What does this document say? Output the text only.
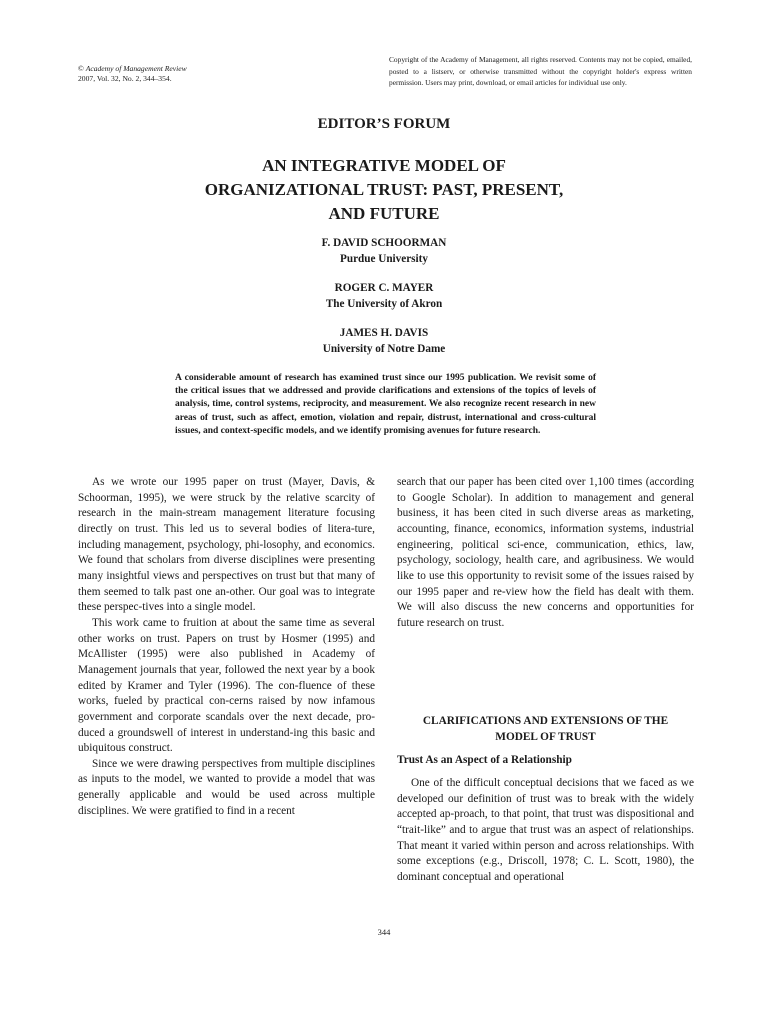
© Academy of Management Review
2007, Vol. 32, No. 2, 344–354.
Copyright of the Academy of Management, all rights reserved. Contents may not be copied, emailed, posted to a listserv, or otherwise transmitted without the copyright holder's express written permission. Users may print, download, or email articles for individual use only.
EDITOR’S FORUM
AN INTEGRATIVE MODEL OF
ORGANIZATIONAL TRUST: PAST, PRESENT,
AND FUTURE
F. DAVID SCHOORMAN
Purdue University
ROGER C. MAYER
The University of Akron
JAMES H. DAVIS
University of Notre Dame
A considerable amount of research has examined trust since our 1995 publication. We revisit some of the critical issues that we addressed and provide clarifications and extensions of the topics of levels of analysis, time, control systems, reciprocity, and measurement. We also recognize recent research in new areas of trust, such as affect, emotion, violation and repair, distrust, international and cross-cultural issues, and context-specific models, and we identify promising avenues for future research.

As we wrote our 1995 paper on trust (Mayer, Davis, & Schoorman, 1995), we were struck by the relative scarcity of research in the main-stream management literature focusing directly on trust. This led us to several bodies of litera-ture, including management, psychology, phi-losophy, and economics. We found that scholars from diverse disciplines were presenting many insightful views and perspectives on trust but that many of them seemed to talk past one an-other. Our goal was to integrate these perspec-tives into a single model.

This work came to fruition at about the same time as several other works on trust. Papers on trust by Hosmer (1995) and McAllister (1995) were also published in Academy of Management journals that year, followed the next year by a book edited by Kramer and Tyler (1996). The con-fluence of these works, fueled by practical con-cerns raised by now infamous government and corporate scandals over the next decade, pro-duced a groundswell of interest in understand-ing this basic and ubiquitous construct.

Since we were drawing perspectives from multiple disciplines as inputs to the model, we wanted to provide a model that was generally applicable and would be used across multiple disciplines. We were gratified to find in a recent

search that our paper has been cited over 1,100 times (according to Google Scholar). In addition to management and general business, it has been cited in such diverse areas as marketing, accounting, finance, economics, information systems, industrial engineering, political sci-ence, communication, ethics, law, psychology, sociology, health care, and agribusiness. We would like to use this opportunity to revisit some of the issues raised by our 1995 paper and re-view how the field has dealt with them. We will also discuss the new concerns and opportunities for future research on trust.

CLARIFICATIONS AND EXTENSIONS OF THE
MODEL OF TRUST
Trust As an Aspect of a Relationship

One of the difficult conceptual decisions that we faced as we developed our definition of trust was to break with the widely accepted ap-proach, to that point, that trust was dispositional and “trait-like” and to argue that trust was an aspect of relationships. That meant it varied within person and across relationships. With some exceptions (e.g., Driscoll, 1978; C. L. Scott, 1980), the dominant conceptual and operational

344
